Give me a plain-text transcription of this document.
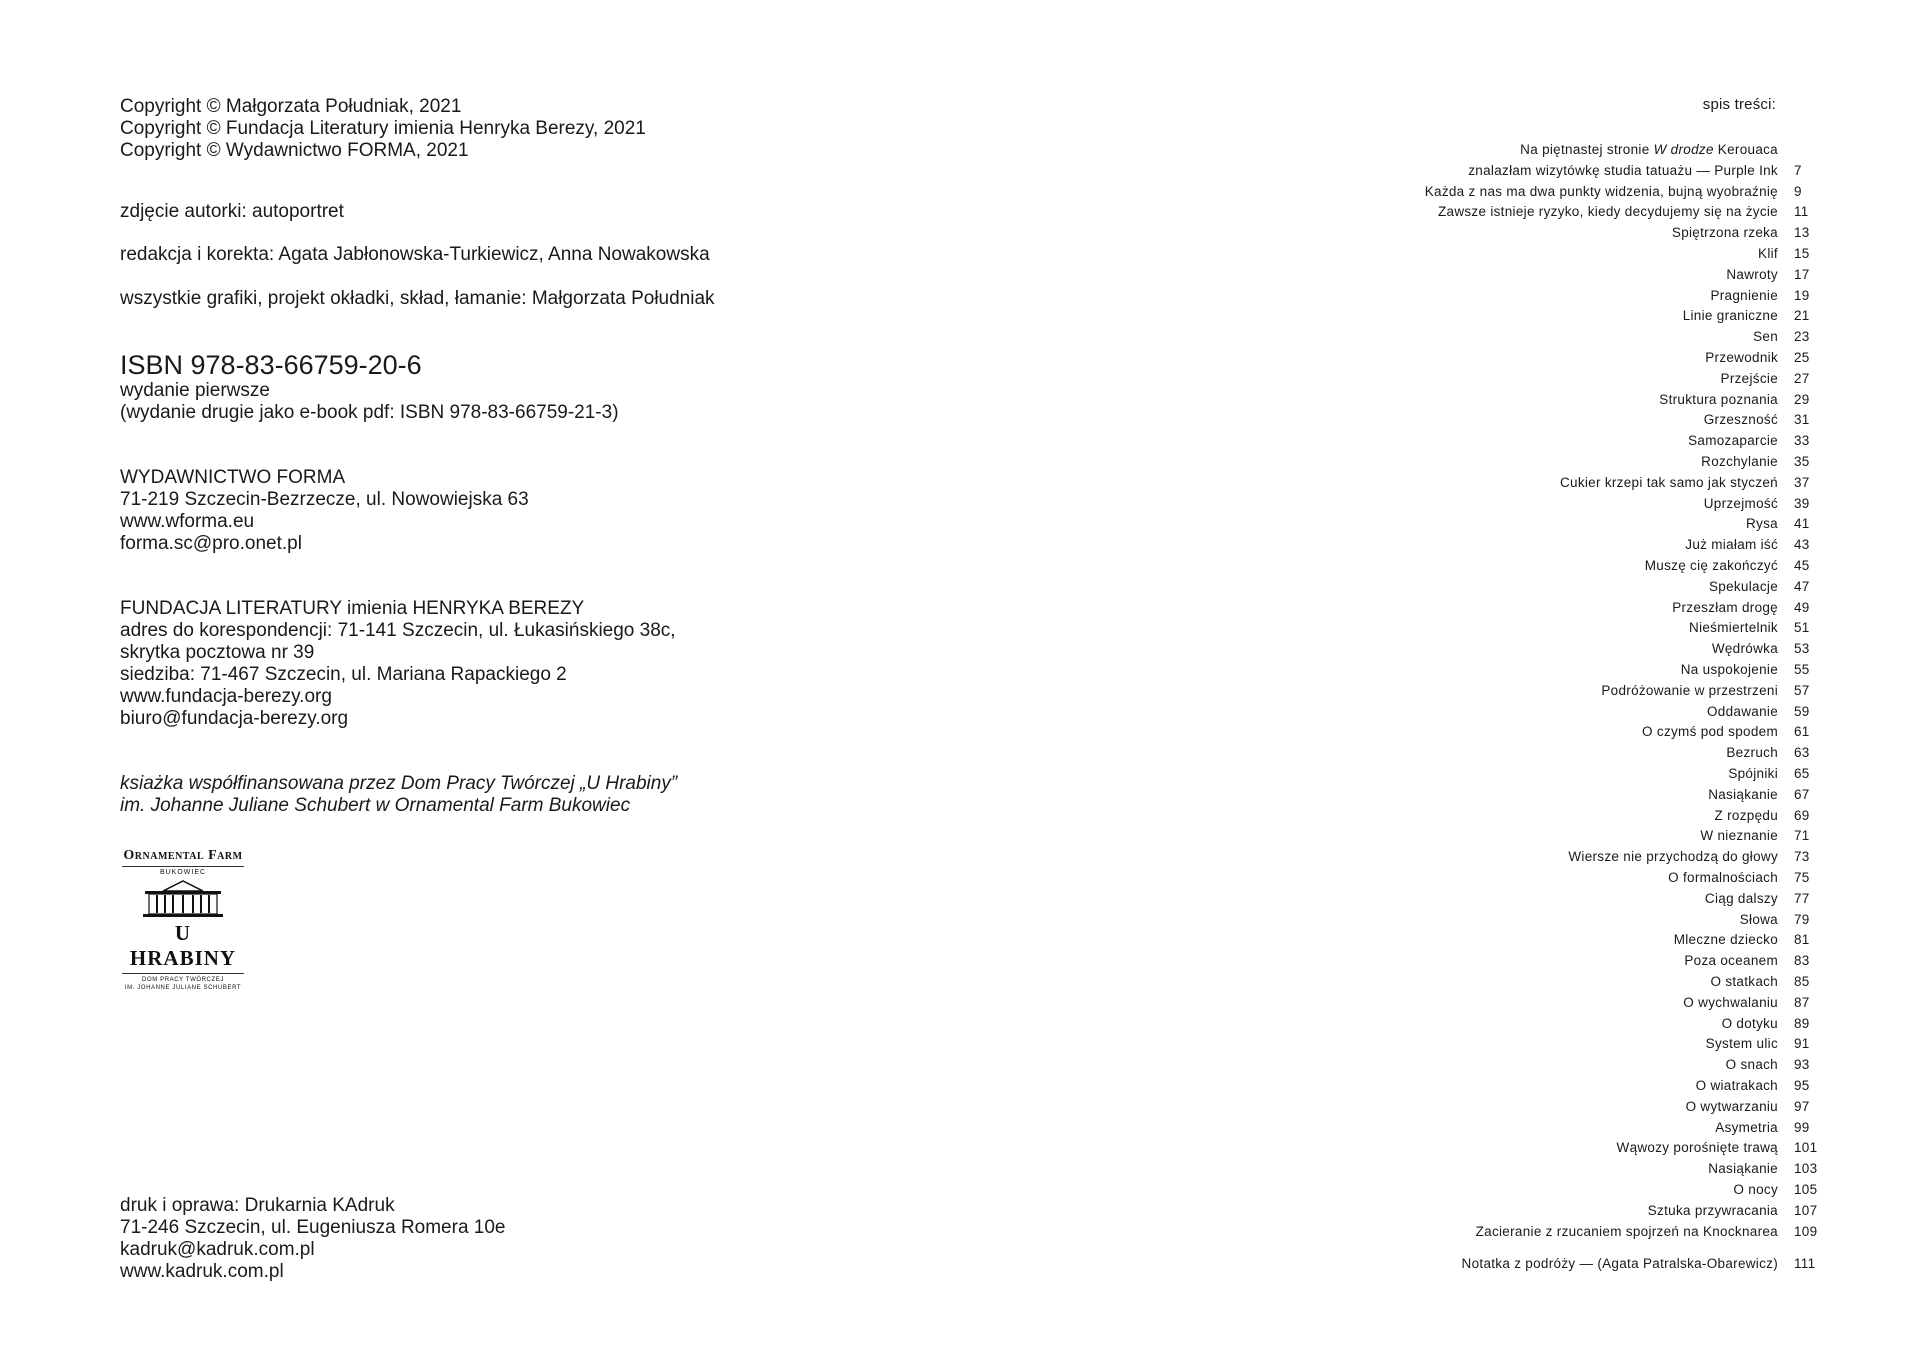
Copyright © Małgorzata Południak, 2021
Copyright © Fundacja Literatury imienia Henryka Berezy, 2021
Copyright © Wydawnictwo FORMA, 2021
zdjęcie autorki: autoportret
redakcja i korekta: Agata Jabłonowska-Turkiewicz, Anna Nowakowska
wszystkie grafiki, projekt okładki, skład, łamanie: Małgorzata Południak
ISBN 978-83-66759-20-6
wydanie pierwsze
(wydanie drugie jako e-book pdf: ISBN 978-83-66759-21-3)
WYDAWNICTWO FORMA
71-219 Szczecin-Bezrzecze, ul. Nowowiejska 63
www.wforma.eu
forma.sc@pro.onet.pl
FUNDACJA LITERATURY imienia HENRYKA BEREZY
adres do korespondencji: 71-141 Szczecin, ul. Łukasińskiego 38c,
skrytka pocztowa nr 39
siedziba: 71-467 Szczecin, ul. Mariana Rapackiego 2
www.fundacja-berezy.org
biuro@fundacja-berezy.org
ksiażka współfinansowana przez Dom Pracy Twórczej „U Hrabiny”
im. Johanne Juliane Schubert w Ornamental Farm Bukowiec
druk i oprawa: Drukarnia KAdruk
71-246 Szczecin, ul. Eugeniusza Romera 10e
kadruk@kadruk.com.pl
www.kadruk.com.pl
Ornamental Farm
BUKOWIEC
U HRABINY
DOM PRACY TWÓRCZEJ
IM. JOHANNE JULIANE SCHUBERT
spis treści:
Na piętnastej stronie W drodze Kerouaca
znalazłam wizytówkę studia tatuażu — Purple Ink 7
Każda z nas ma dwa punkty widzenia, bujną wyobraźnię 9
Zawsze istnieje ryzyko, kiedy decydujemy się na życie 11
Spiętrzona rzeka 13
Klif 15
Nawroty 17
Pragnienie 19
Linie graniczne 21
Sen 23
Przewodnik 25
Przejście 27
Struktura poznania 29
Grzeszność 31
Samozaparcie 33
Rozchylanie 35
Cukier krzepi tak samo jak styczeń 37
Uprzejmość 39
Rysa 41
Już miałam iść 43
Muszę cię zakończyć 45
Spekulacje 47
Przeszłam drogę 49
Nieśmiertelnik 51
Wędrówka 53
Na uspokojenie 55
Podróżowanie w przestrzeni 57
Oddawanie 59
O czymś pod spodem 61
Bezruch 63
Spójniki 65
Nasiąkanie 67
Z rozpędu 69
W nieznanie 71
Wiersze nie przychodzą do głowy 73
O formalnościach 75
Ciąg dalszy 77
Słowa 79
Mleczne dziecko 81
Poza oceanem 83
O statkach 85
O wychwalaniu 87
O dotyku 89
System ulic 91
O snach 93
O wiatrakach 95
O wytwarzaniu 97
Asymetria 99
Wąwozy porośnięte trawą 101
Nasiąkanie 103
O nocy 105
Sztuka przywracania 107
Zacieranie z rzucaniem spojrzeń na Knocknarea 109
Notatka z podróży — (Agata Patralska-Obarewicz) 111
